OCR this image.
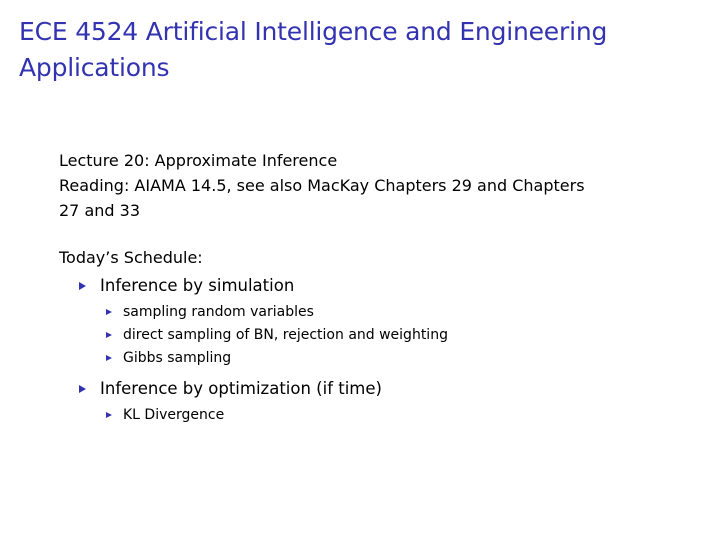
ECE 4524 Artificial Intelligence and Engineering
Applications
Lecture 20: Approximate Inference
Reading: AIAMA 14.5, see also MacKay Chapters 29 and Chapters
27 and 33
Today’s Schedule:
Inference by simulation
sampling random variables
direct sampling of BN, rejection and weighting
Gibbs sampling
Inference by optimization (if time)
KL Divergence
